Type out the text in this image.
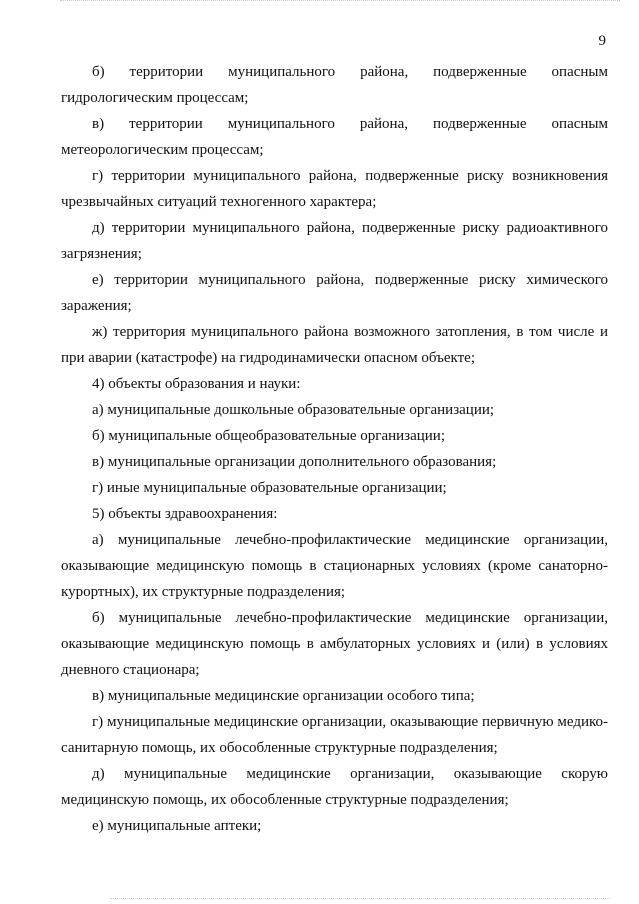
9

б) территории муниципального района, подверженные опасным гидрологическим процессам;

в) территории муниципального района, подверженные опасным метеорологическим процессам;

г) территории муниципального района, подверженные риску возникновения чрезвычайных ситуаций техногенного характера;

д) территории муниципального района, подверженные риску радиоактивного загрязнения;

е) территории муниципального района, подверженные риску химического заражения;

ж) территория муниципального района возможного затопления, в том числе и при аварии (катастрофе) на гидродинамически опасном объекте;

4) объекты образования и науки:

а) муниципальные дошкольные образовательные организации;

б) муниципальные общеобразовательные организации;

в) муниципальные организации дополнительного образования;

г) иные муниципальные образовательные организации;

5) объекты здравоохранения:

а) муниципальные лечебно-профилактические медицинские организации, оказывающие медицинскую помощь в стационарных условиях (кроме санаторно-курортных), их структурные подразделения;

б) муниципальные лечебно-профилактические медицинские организации, оказывающие медицинскую помощь в амбулаторных условиях и (или) в условиях дневного стационара;

в) муниципальные медицинские организации особого типа;

г) муниципальные медицинские организации, оказывающие первичную медико-санитарную помощь, их обособленные структурные подразделения;

д) муниципальные медицинские организации, оказывающие скорую медицинскую помощь, их обособленные структурные подразделения;

е) муниципальные аптеки;
